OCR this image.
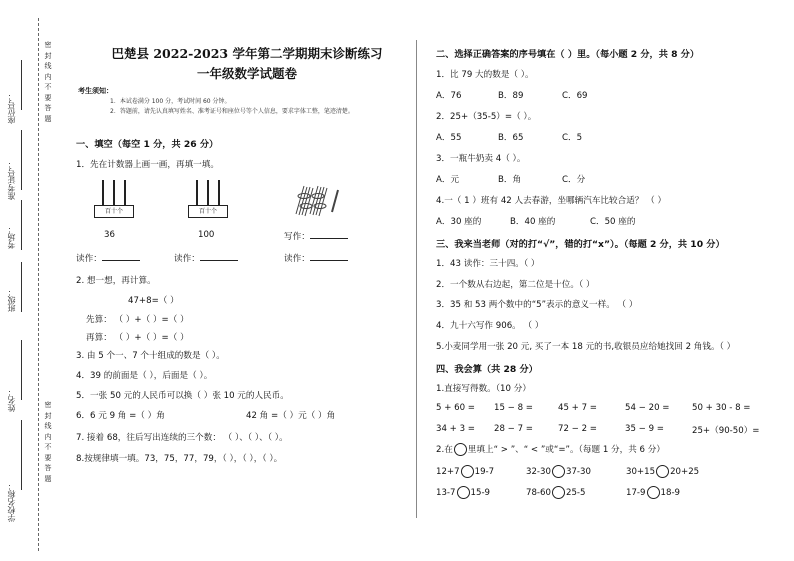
座位号：
准考证号：
考场：
班级：
姓名：
学校名称：
密封线内不要答题
密封线内不要答题
巴楚县 2022-2023 学年第二学期期末诊断练习
一年级数学试题卷
考生须知：
1．本试卷满分 100 分，考试时间 60 分钟。
2．答题前，请先认真填写姓名、准考证号和座位号等个人信息，要求字体工整，笔迹清楚。
一、填空（每空 1 分，共 26 分）
1．先在计数器上画一画，再填一填。
百十个	百十个
36	100	写作：
读作：	读作：	读作：
2. 想一想，再计算。
47+8=（ ）
先算： （ ）+（ ）=（ ）
再算： （ ）+（ ）=（ ）
3. 由 5 个一、7 个十组成的数是（ ）。
4．39 的前面是（ ），后面是（ ）。
5．一张 50 元的人民币可以换（ ）张 10 元的人民币。
6．6 元 9 角 =（ ）角	42 角 =（ ）元（ ）角
7. 接着 68，往后写出连续的三个数： （ ）、（ ）、（ ）。
8.按规律填一填。73，75，77，79，（ ），（ ），（ ）。
二、选择正确答案的序号填在（ ）里。（每小题 2 分，共 8 分）
1．比 79 大的数是（ ）。
A．76	B．89	C．69
2．25+（35-5）=（ ）。
A．55	B．65	C．5
3．一瓶牛奶卖 4（ ）。
A．元	B．角	C．分
4.一（ 1 ）班有 42 人去春游，坐哪辆汽车比较合适？ （ ）
A．30 座的	B．40 座的	C．50 座的
三、我来当老师（对的打“√”，错的打“x”）。（每题 2 分，共 10 分）
1．43 读作：三十四。（ ）
2．一个数从右边起，第二位是十位。（ ）
3．35 和 53 两个数中的“5”表示的意义一样。 （ ）
4．九十六写作 906。 （ ）
5.小麦同学用一张 20 元, 买了一本 18 元的书,收银员应给她找回 2 角钱。（ ）
四、我会算（共 28 分）
1.直接写得数。（10 分）
5 + 60 = 15 − 8 =	45 + 7 =	54 − 20 =	50 + 30 - 8 =
34 + 3 = 28 − 7 =	72 − 2 =	35 − 9 =	25+（90-50）=
2.在 里填上“ > ”、“ < ”或“=”。（每题 1 分，共 6 分）
12+7 19-7	32-30 37-30	30+15 20+25
13-7 15-9	78-60 25-5	17-9 18-9
